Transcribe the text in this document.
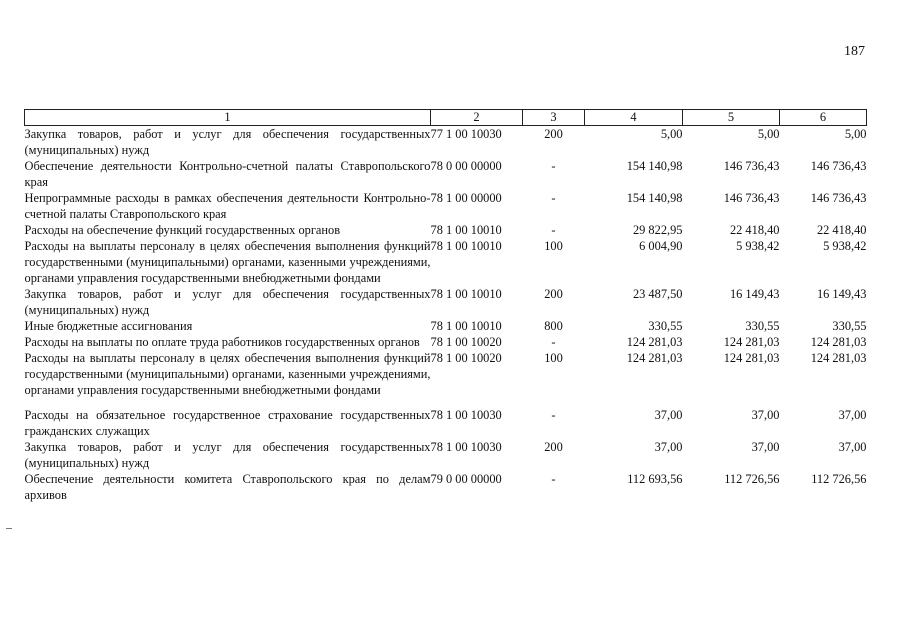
187
1	2	3	4	5	6
Закупка товаров, работ и услуг для обеспечения государственных (муниципальных) нужд	77 1 00 10030	200	5,00	5,00	5,00
Обеспечение деятельности Контрольно-счетной палаты Ставропольского края	78 0 00 00000	-	154 140,98	146 736,43	146 736,43
Непрограммные расходы в рамках обеспечения деятельности Контрольно-счетной палаты Ставропольского края	78 1 00 00000	-	154 140,98	146 736,43	146 736,43
Расходы на обеспечение функций государственных органов	78 1 00 10010	-	29 822,95	22 418,40	22 418,40
Расходы на выплаты персоналу в целях обеспечения выполнения функций государственными (муниципальными) органами, казенными учреждениями, органами управления государственными внебюджетными фондами	78 1 00 10010	100	6 004,90	5 938,42	5 938,42
Закупка товаров, работ и услуг для обеспечения государственных (муниципальных) нужд	78 1 00 10010	200	23 487,50	16 149,43	16 149,43
Иные бюджетные ассигнования	78 1 00 10010	800	330,55	330,55	330,55
Расходы на выплаты по оплате труда работников государственных органов	78 1 00 10020	-	124 281,03	124 281,03	124 281,03
Расходы на выплаты персоналу в целях обеспечения выполнения функций государственными (муниципальными) органами, казенными учреждениями, органами управления государственными внебюджетными фондами	78 1 00 10020	100	124 281,03	124 281,03	124 281,03
Расходы на обязательное государственное страхование государственных гражданских служащих	78 1 00 10030	-	37,00	37,00	37,00
Закупка товаров, работ и услуг для обеспечения государственных (муниципальных) нужд	78 1 00 10030	200	37,00	37,00	37,00
Обеспечение деятельности комитета Ставропольского края по делам архивов	79 0 00 00000	-	112 693,56	112 726,56	112 726,56
